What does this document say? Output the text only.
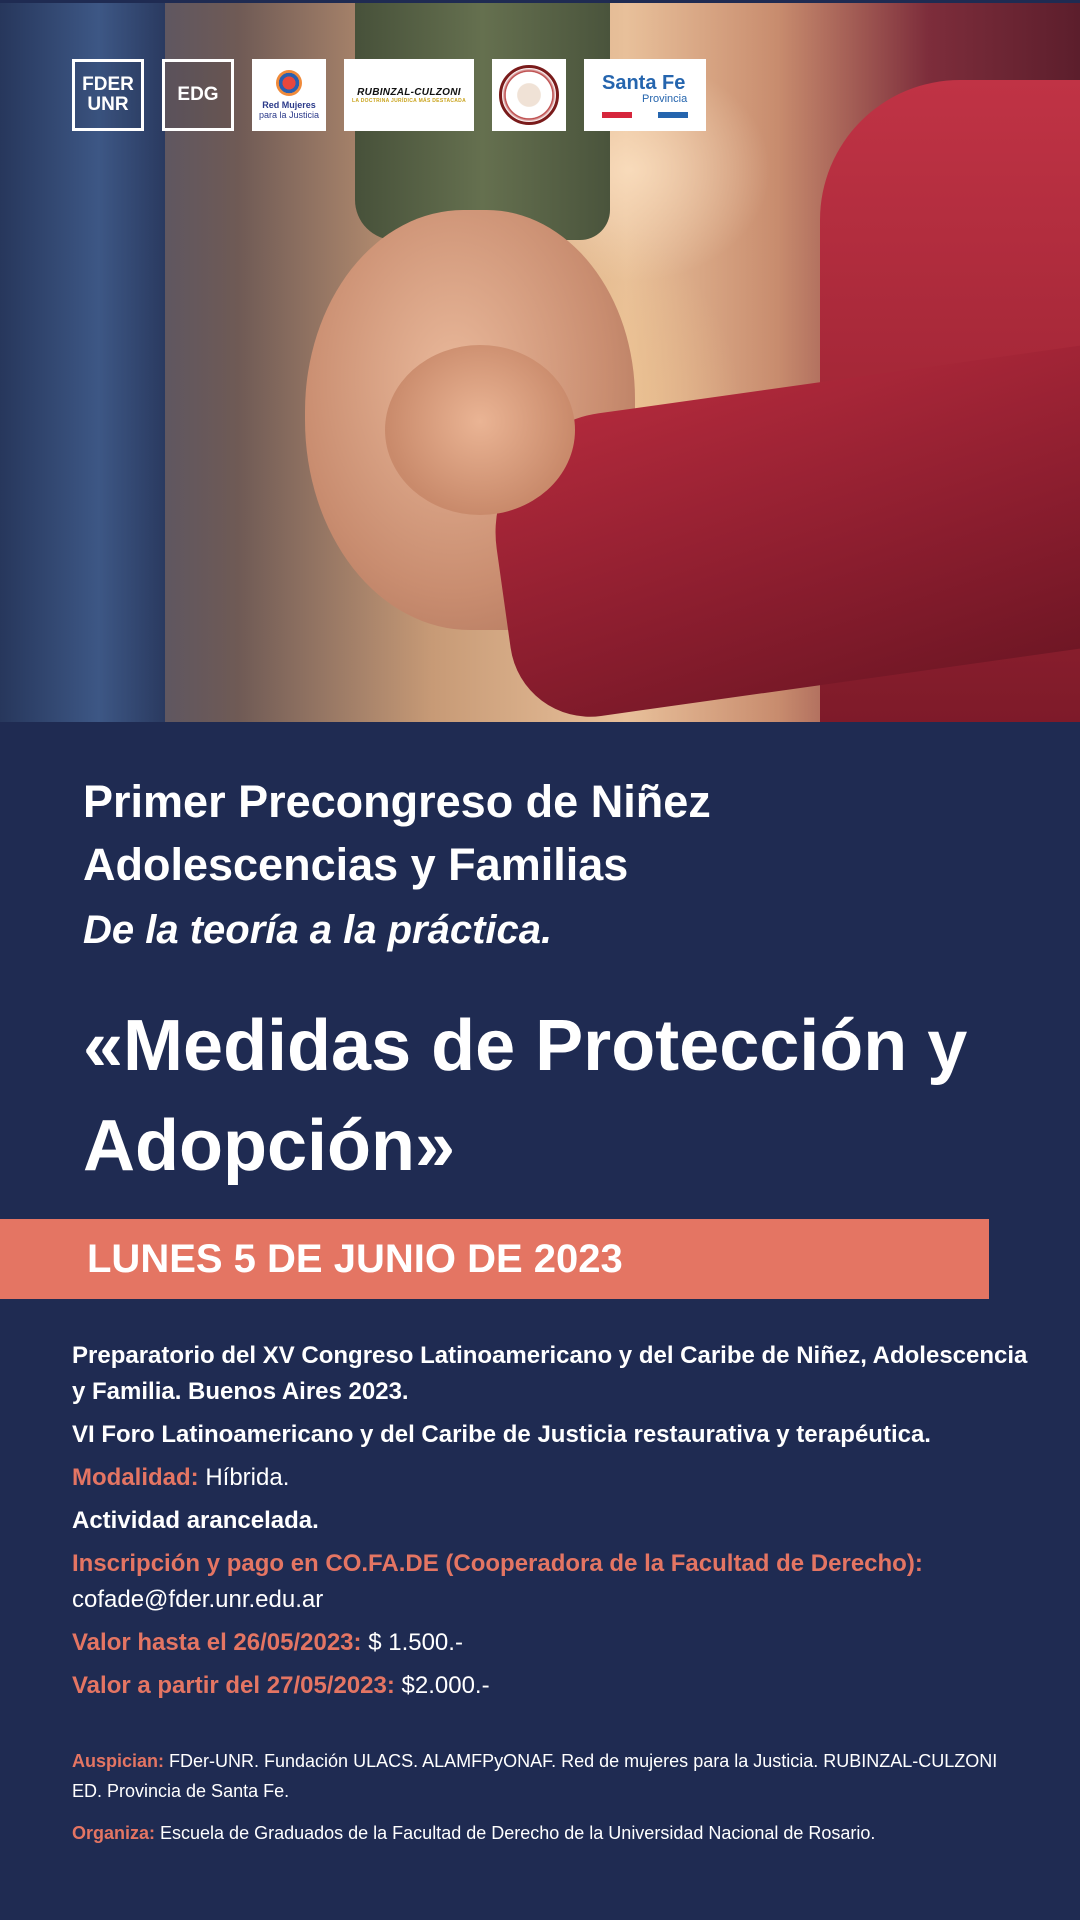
FDER
UNR	EDG	Red Mujeres
para la Justicia
RUBINZAL-CULZONI
LA DOCTRINA JURÍDICA MÁS DESTACADA
Santa Fe
Provincia
Primer Precongreso de Niñez Adolescencias y Familias
De la teoría a la práctica.
«Medidas de Protección y Adopción»
LUNES 5 DE JUNIO DE 2023

Preparatorio del XV Congreso Latinoamericano y del Caribe de Niñez, Adolescencia y Familia. Buenos Aires 2023.

VI Foro Latinoamericano y del Caribe de Justicia restaurativa y terapéutica.

Modalidad: Híbrida.

Actividad arancelada.

Inscripción y pago en CO.FA.DE (Cooperadora de la Facultad de Derecho):
cofade@fder.unr.edu.ar

Valor hasta el 26/05/2023: $ 1.500.-

Valor a partir del 27/05/2023: $2.000.-

Auspician: FDer-UNR. Fundación ULACS. ALAMFPyONAF. Red de mujeres para la Justicia. RUBINZAL-CULZONI ED. Provincia de Santa Fe.

Organiza: Escuela de Graduados de la Facultad de Derecho de la Universidad Nacional de Rosario.
